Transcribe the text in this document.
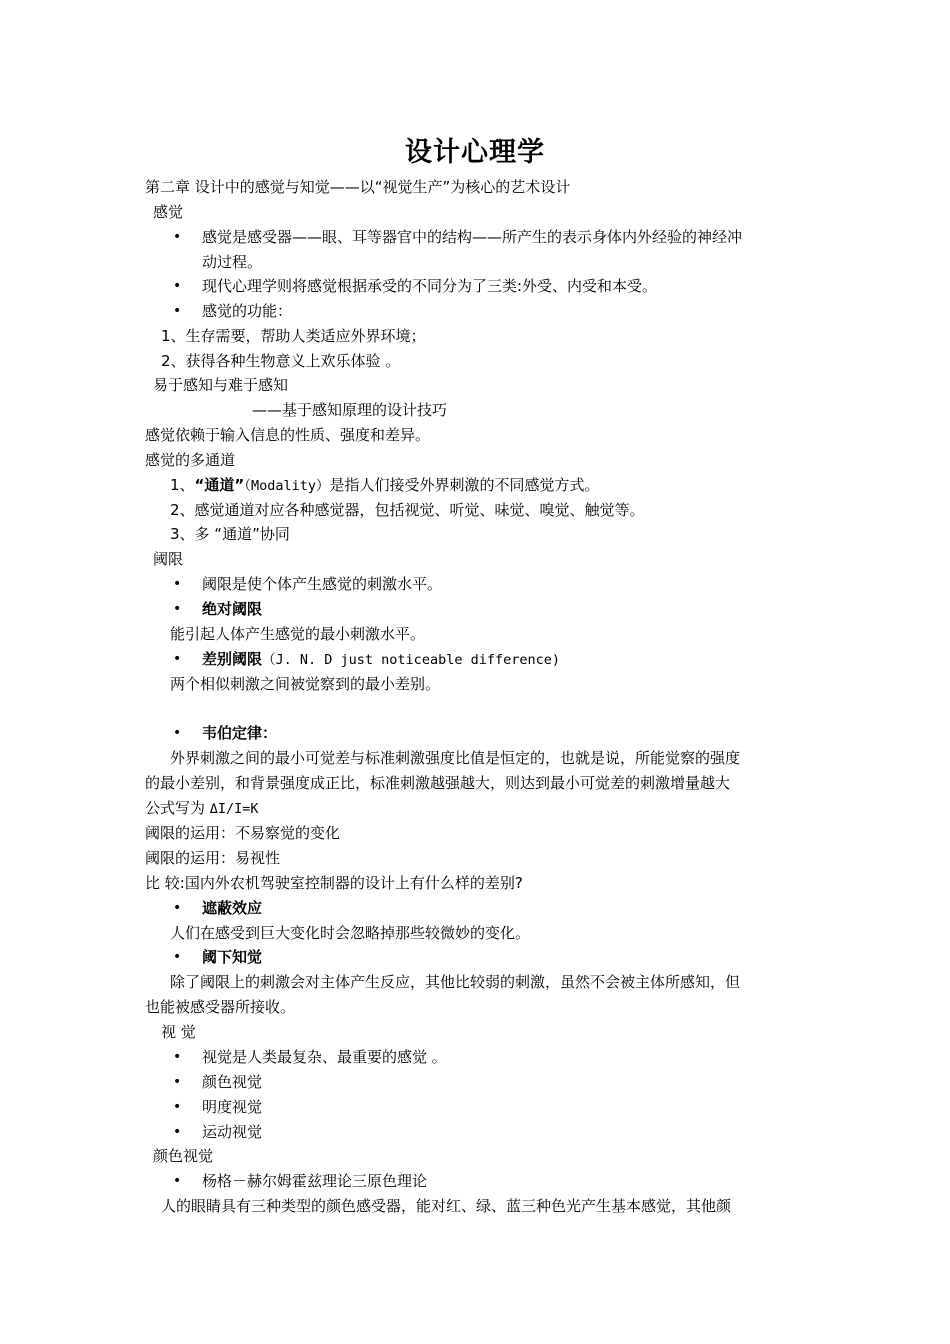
设计心理学
第二章 设计中的感觉与知觉——以“视觉生产”为核心的艺术设计
感觉
• 感觉是感受器——眼、耳等器官中的结构——所产生的表示身体内外经验的神经冲
动过程。
• 现代心理学则将感觉根据承受的不同分为了三类:外受、内受和本受。
• 感觉的功能：
1、生存需要，帮助人类适应外界环境；
2、获得各种生物意义上欢乐体验 。
易于感知与难于感知
——基于感知原理的设计技巧
感觉依赖于输入信息的性质、强度和差异。
感觉的多通道
1、“通道”（Modality）是指人们接受外界刺激的不同感觉方式。
2、感觉通道对应各种感觉器，包括视觉、听觉、味觉、嗅觉、触觉等。
3、多 “通道”协同
阈限
• 阈限是使个体产生感觉的刺激水平。
• 绝对阈限
能引起人体产生感觉的最小刺激水平。
• 差别阈限（J. N. D just noticeable difference)
两个相似刺激之间被觉察到的最小差别。
• 韦伯定律：
外界刺激之间的最小可觉差与标准刺激强度比值是恒定的，也就是说，所能觉察的强度
的最小差别，和背景强度成正比，标准刺激越强越大，则达到最小可觉差的刺激增量越大
公式写为 ΔI/I=K
阈限的运用：不易察觉的变化
阈限的运用：易视性
比 较:国内外农机驾驶室控制器的设计上有什么样的差别?
• 遮蔽效应
人们在感受到巨大变化时会忽略掉那些较微妙的变化。
• 阈下知觉
除了阈限上的刺激会对主体产生反应，其他比较弱的刺激，虽然不会被主体所感知，但
也能被感受器所接收。
视 觉
• 视觉是人类最复杂、最重要的感觉 。
• 颜色视觉
• 明度视觉
• 运动视觉
颜色视觉
• 杨格－赫尔姆霍兹理论三原色理论
人的眼睛具有三种类型的颜色感受器，能对红、绿、蓝三种色光产生基本感觉，其他颜
